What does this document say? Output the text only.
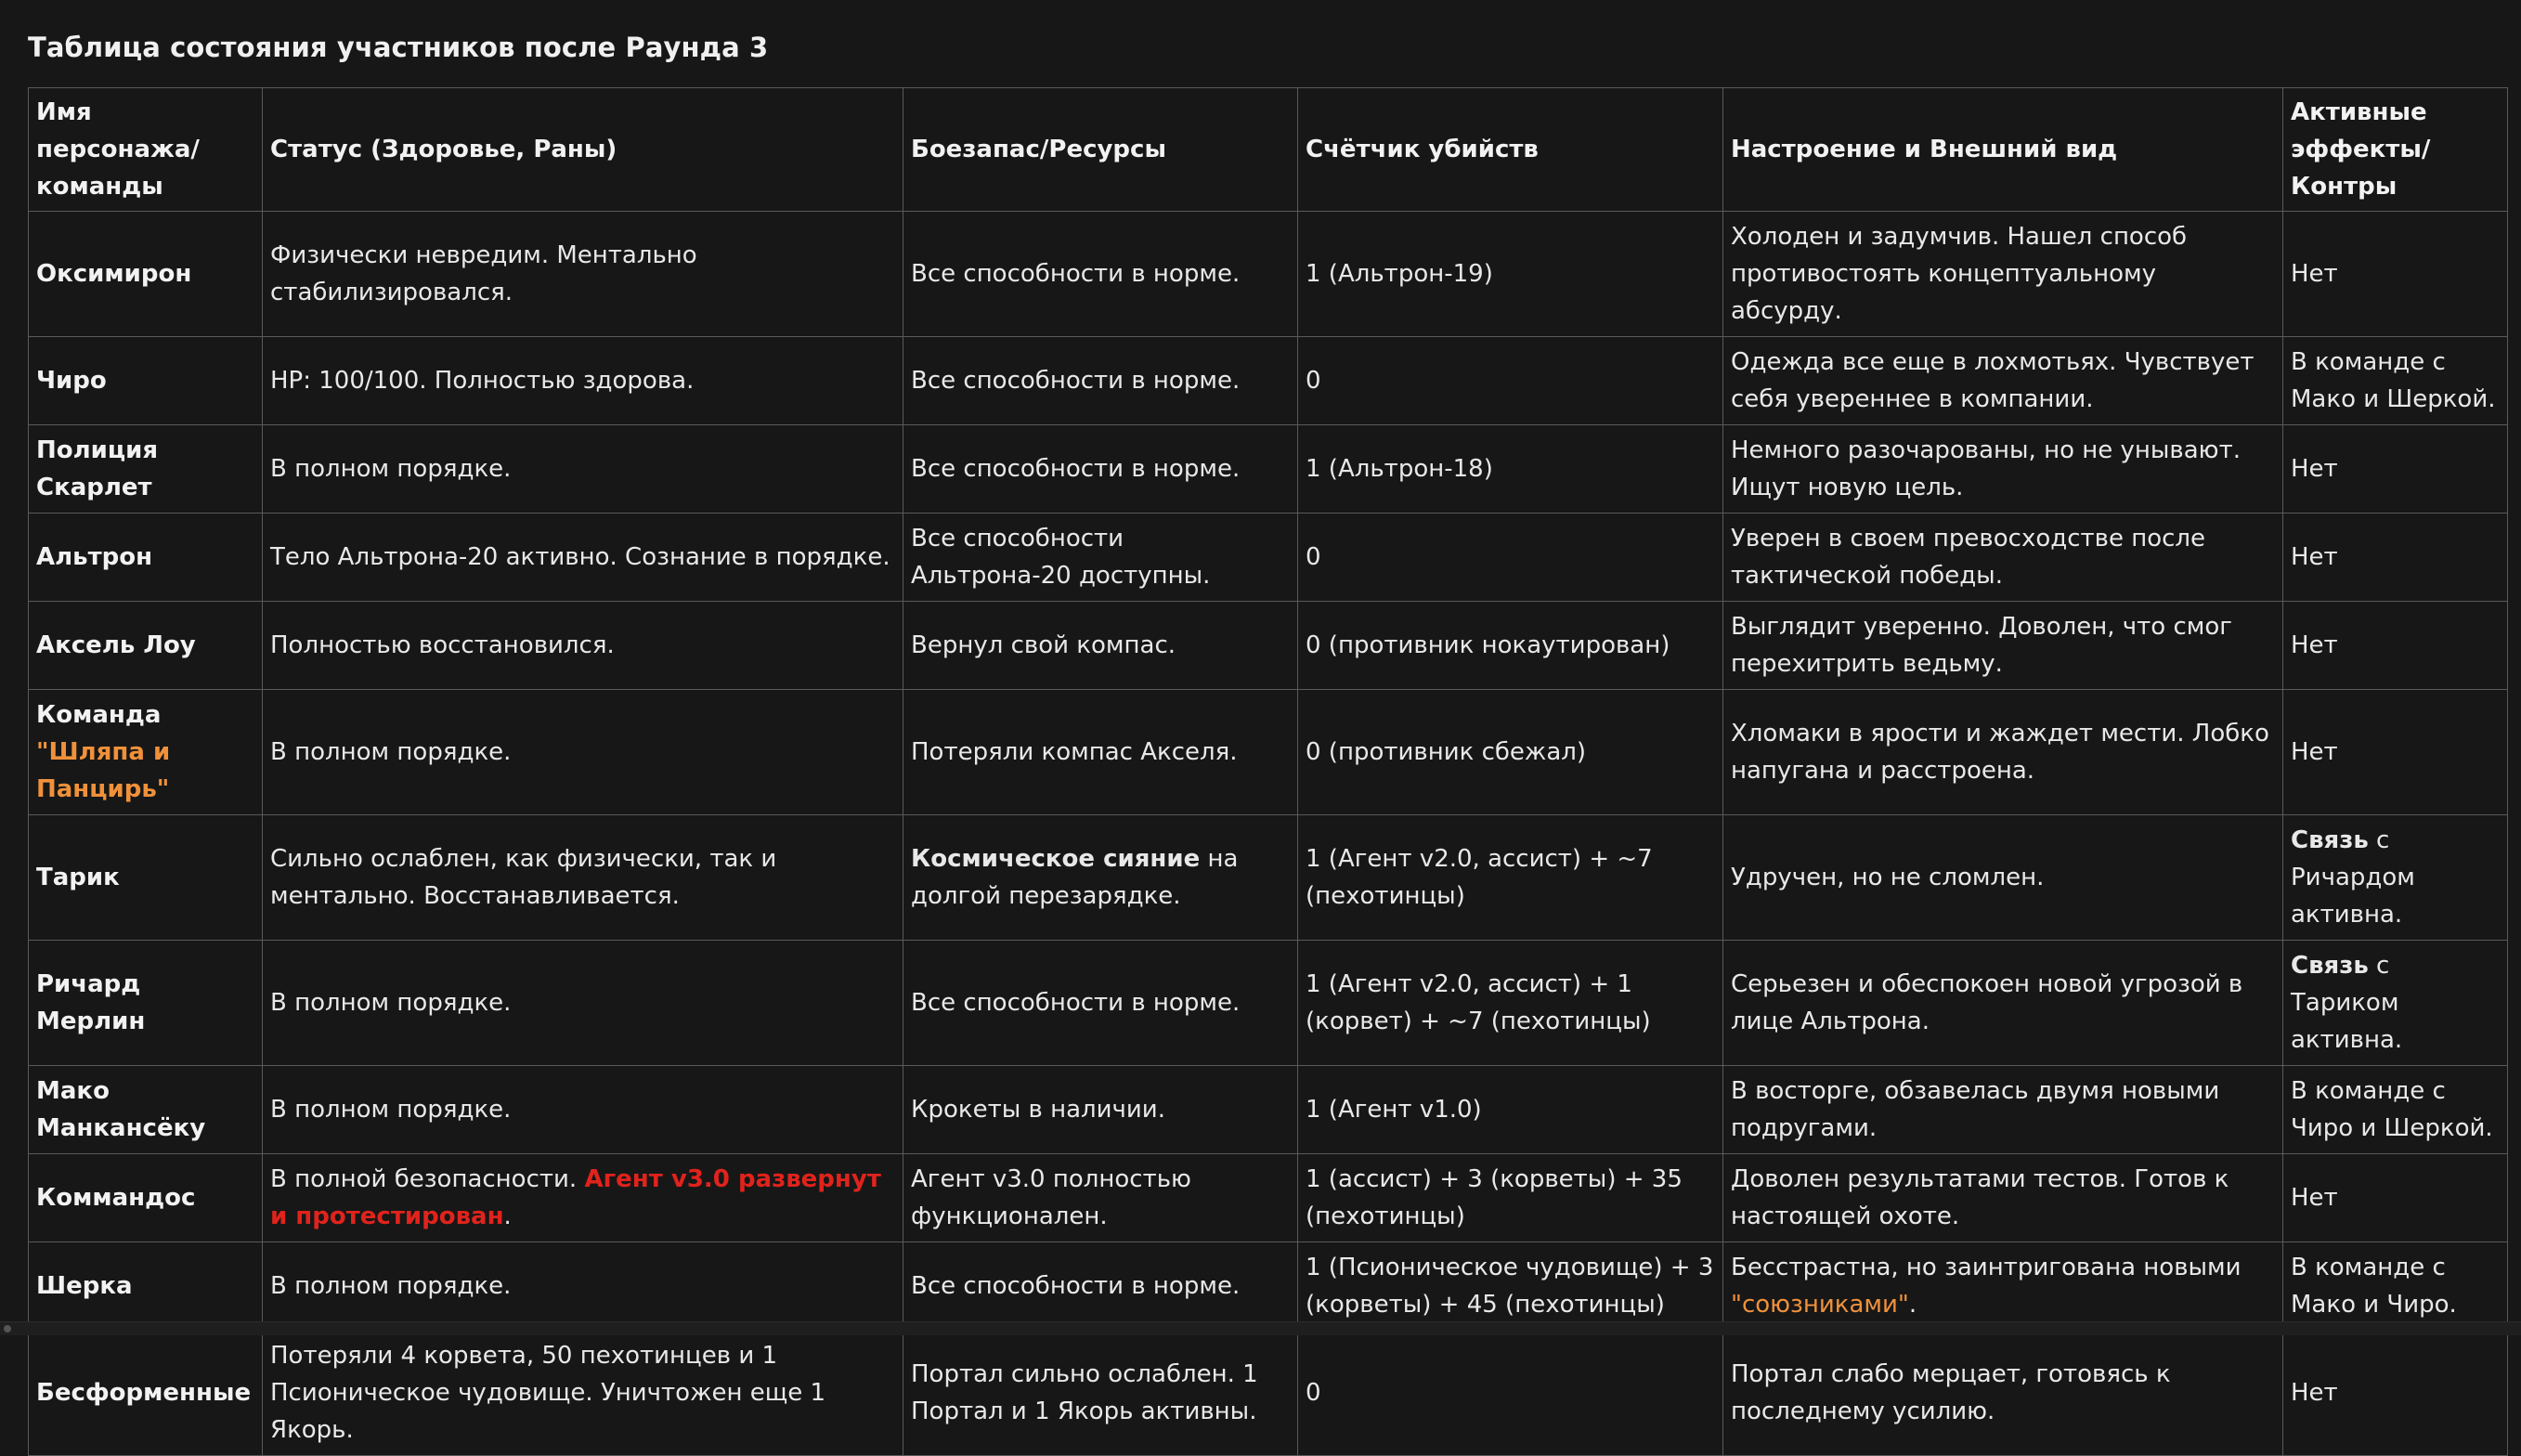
Таблица состояния участников после Раунда 3
Имя персонажа/команды	Статус (Здоровье, Раны)	Боезапас/Ресурсы	Счётчик убийств	Настроение и Внешний вид	Активные эффекты/Контры
Оксимирон	Физически невредим. Ментально стабилизировался.	Все способности в норме.	1 (Альтрон-19)	Холоден и задумчив. Нашел способ противостоять концептуальному абсурду.	Нет
Чиро	HP: 100/100. Полностью здорова.	Все способности в норме.	0	Одежда все еще в лохмотьях. Чувствует себя увереннее в компании.	В команде с Мако и Шеркой.
Полиция Скарлет	В полном порядке.	Все способности в норме.	1 (Альтрон-18)	Немного разочарованы, но не унывают. Ищут новую цель.	Нет
Альтрон	Тело Альтрона-20 активно. Сознание в порядке.	Все способности Альтрона-20 доступны.	0	Уверен в своем превосходстве после тактической победы.	Нет
Аксель Лоу	Полностью восстановился.	Вернул свой компас.	0 (противник нокаутирован)	Выглядит уверенно. Доволен, что смог перехитрить ведьму.	Нет
Команда "Шляпа и Панцирь"	В полном порядке.	Потеряли компас Акселя.	0 (противник сбежал)	Хломаки в ярости и жаждет мести. Лобко напугана и расстроена.	Нет
Тарик	Сильно ослаблен, как физически, так и ментально. Восстанавливается.	Космическое сияние на долгой перезарядке.	1 (Агент v2.0, ассист) + ~7 (пехотинцы)	Удручен, но не сломлен.	Связь с Ричардом активна.
Ричард Мерлин	В полном порядке.	Все способности в норме.	1 (Агент v2.0, ассист) + 1 (корвет) + ~7 (пехотинцы)	Серьезен и обеспокоен новой угрозой в лице Альтрона.	Связь с Тариком активна.
Мако Манкансёку	В полном порядке.	Крокеты в наличии.	1 (Агент v1.0)	В восторге, обзавелась двумя новыми подругами.	В команде с Чиро и Шеркой.
Коммандос	В полной безопасности. Агент v3.0 развернут и протестирован.	Агент v3.0 полностью функционален.	1 (ассист) + 3 (корветы) + 35 (пехотинцы)	Доволен результатами тестов. Готов к настоящей охоте.	Нет
Шерка	В полном порядке.	Все способности в норме.	1 (Псионическое чудовище) + 3 (корветы) + 45 (пехотинцы)	Бесстрастна, но заинтригована новыми "союзниками".	В команде с Мако и Чиро.
Бесформенные	Потеряли 4 корвета, 50 пехотинцев и 1 Псионическое чудовище. Уничтожен еще 1 Якорь.	Портал сильно ослаблен. 1 Портал и 1 Якорь активны.	0	Портал слабо мерцает, готовясь к последнему усилию.	Нет
